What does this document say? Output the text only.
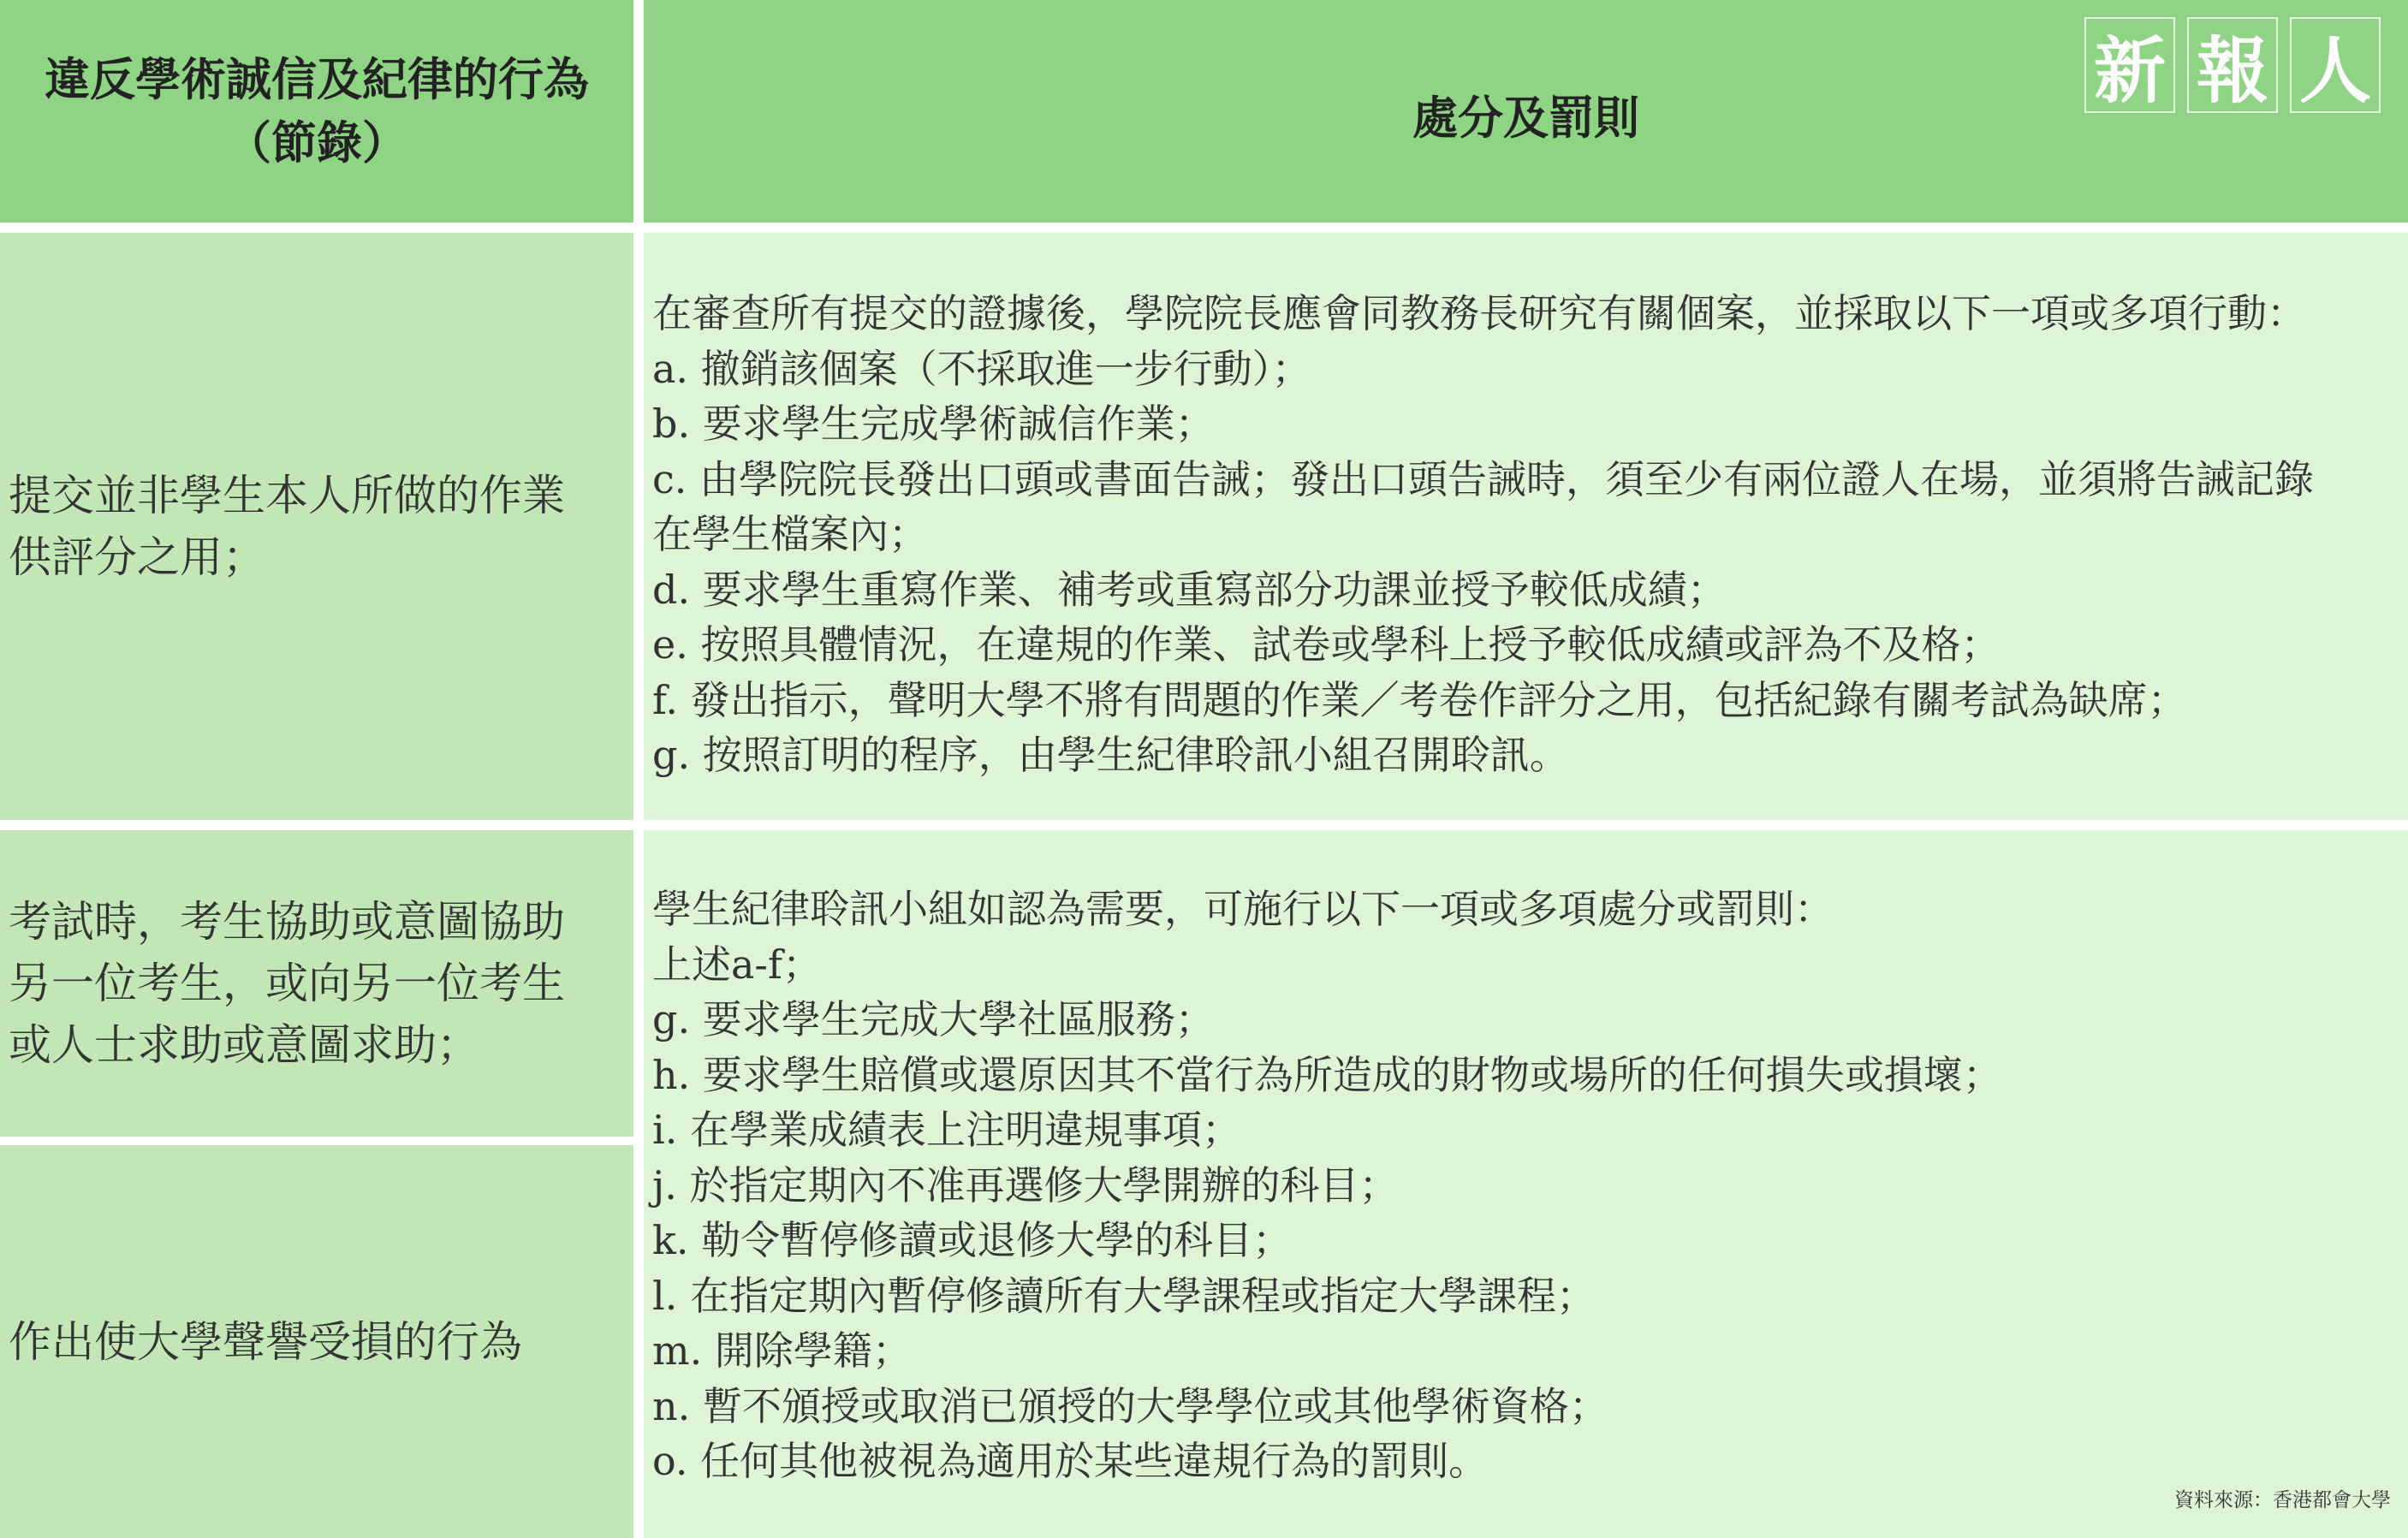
違反學術誠信及紀律的行為
（節錄）	處分及罰則
新 報 人
提交並非學生本人所做的作業
供評分之用；
在審查所有提交的證據後，學院院長應會同教務長研究有關個案，並採取以下一項或多項行動：
a. 撤銷該個案（不採取進一步行動）；
b. 要求學生完成學術誠信作業；
c. 由學院院長發出口頭或書面告誡；發出口頭告誡時，須至少有兩位證人在場，並須將告誡記錄
在學生檔案內；
d. 要求學生重寫作業、補考或重寫部分功課並授予較低成績；
e. 按照具體情況，在違規的作業、試卷或學科上授予較低成績或評為不及格；
f. 發出指示，聲明大學不將有問題的作業／考卷作評分之用，包括紀錄有關考試為缺席；
g. 按照訂明的程序，由學生紀律聆訊小組召開聆訊。
考試時，考生協助或意圖協助
另一位考生，或向另一位考生
或人士求助或意圖求助；
作出使大學聲譽受損的行為
學生紀律聆訊小組如認為需要，可施行以下一項或多項處分或罰則：
上述a-f；
g. 要求學生完成大學社區服務；
h. 要求學生賠償或還原因其不當行為所造成的財物或場所的任何損失或損壞；
i. 在學業成績表上注明違規事項；
j. 於指定期內不准再選修大學開辦的科目；
k. 勒令暫停修讀或退修大學的科目；
l. 在指定期內暫停修讀所有大學課程或指定大學課程；
m. 開除學籍；
n. 暫不頒授或取消已頒授的大學學位或其他學術資格；
o. 任何其他被視為適用於某些違規行為的罰則。
資料來源：香港都會大學
